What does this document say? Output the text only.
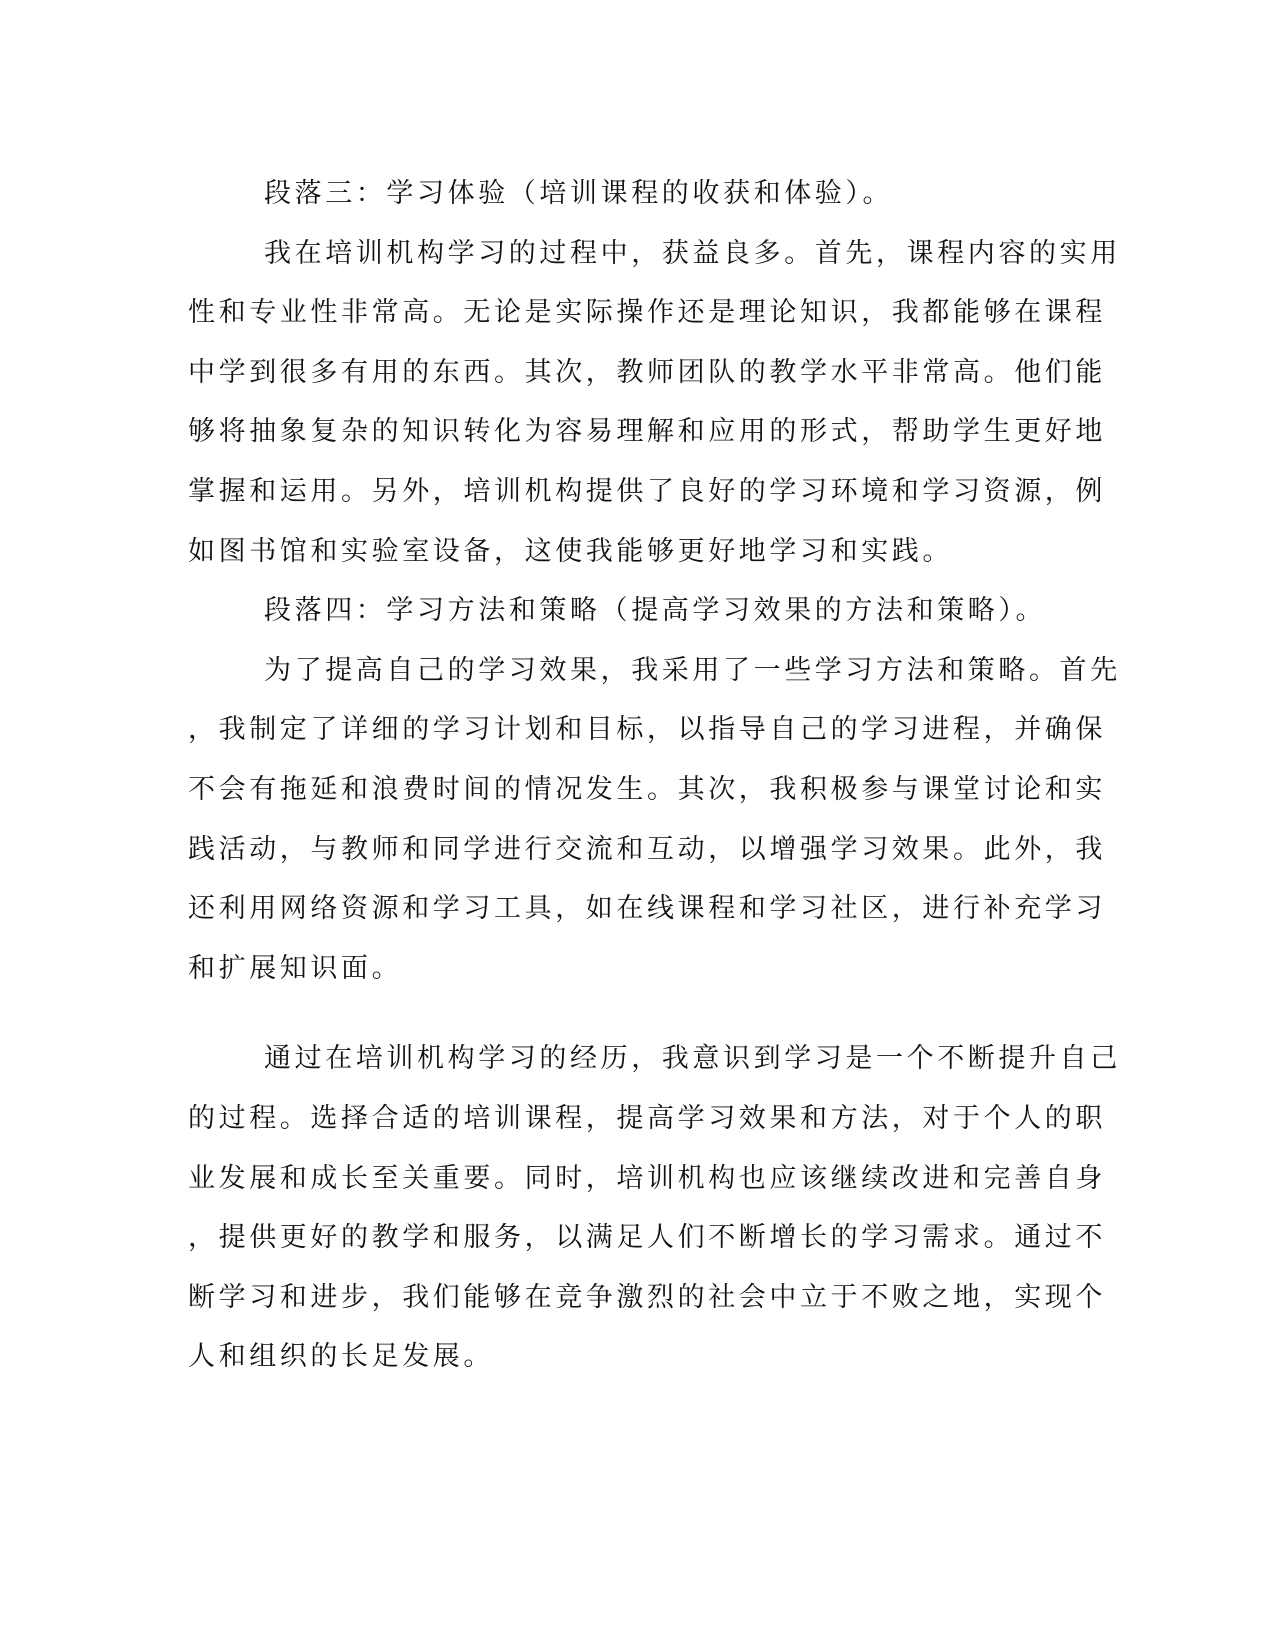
段落三：学习体验（培训课程的收获和体验）。
我在培训机构学习的过程中，获益良多。首先，课程内容的实用
性和专业性非常高。无论是实际操作还是理论知识，我都能够在课程
中学到很多有用的东西。其次，教师团队的教学水平非常高。他们能
够将抽象复杂的知识转化为容易理解和应用的形式，帮助学生更好地
掌握和运用。另外，培训机构提供了良好的学习环境和学习资源，例
如图书馆和实验室设备，这使我能够更好地学习和实践。
段落四：学习方法和策略（提高学习效果的方法和策略）。
为了提高自己的学习效果，我采用了一些学习方法和策略。首先
，我制定了详细的学习计划和目标，以指导自己的学习进程，并确保
不会有拖延和浪费时间的情况发生。其次，我积极参与课堂讨论和实
践活动，与教师和同学进行交流和互动，以增强学习效果。此外，我
还利用网络资源和学习工具，如在线课程和学习社区，进行补充学习
和扩展知识面。
通过在培训机构学习的经历，我意识到学习是一个不断提升自己
的过程。选择合适的培训课程，提高学习效果和方法，对于个人的职
业发展和成长至关重要。同时，培训机构也应该继续改进和完善自身
，提供更好的教学和服务，以满足人们不断增长的学习需求。通过不
断学习和进步，我们能够在竞争激烈的社会中立于不败之地，实现个
人和组织的长足发展。
